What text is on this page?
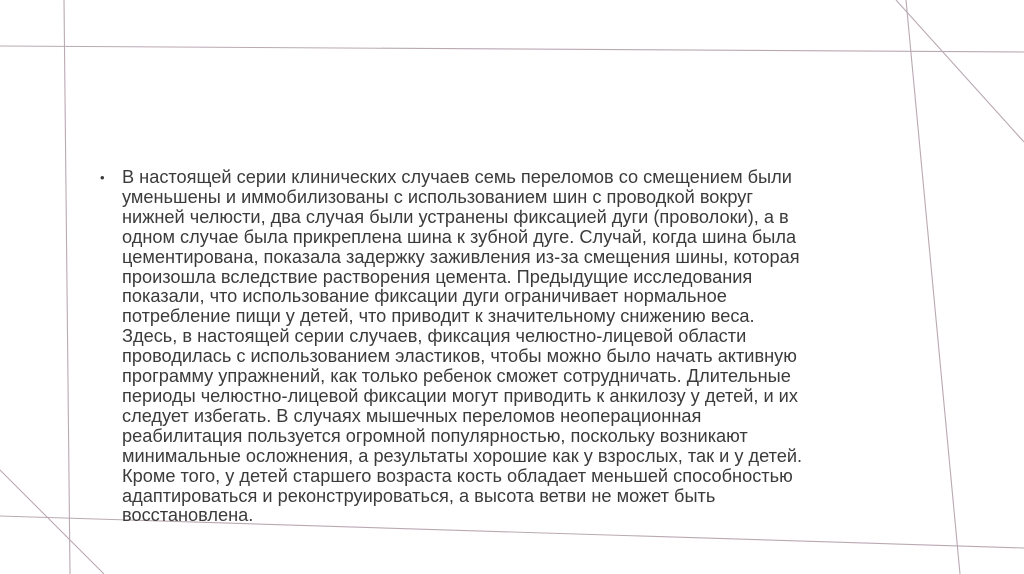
• В настоящей серии клинических случаев семь переломов со смещением были
уменьшены и иммобилизованы с использованием шин с проводкой вокруг
нижней челюсти, два случая были устранены фиксацией дуги (проволоки), а в
одном случае была прикреплена шина к зубной дуге. Случай, когда шина была
цементирована, показала задержку заживления из-за смещения шины, которая
произошла вследствие растворения цемента. Предыдущие исследования
показали, что использование фиксации дуги ограничивает нормальное
потребление пищи у детей, что приводит к значительному снижению веса.
Здесь, в настоящей серии случаев, фиксация челюстно-лицевой области
проводилась с использованием эластиков, чтобы можно было начать активную
программу упражнений, как только ребенок сможет сотрудничать. Длительные
периоды челюстно-лицевой фиксации могут приводить к анкилозу у детей, и их
следует избегать. В случаях мышечных переломов неоперационная
реабилитация пользуется огромной популярностью, поскольку возникают
минимальные осложнения, а результаты хорошие как у взрослых, так и у детей.
Кроме того, у детей старшего возраста кость обладает меньшей способностью
адаптироваться и реконструироваться, а высота ветви не может быть
восстановлена.
